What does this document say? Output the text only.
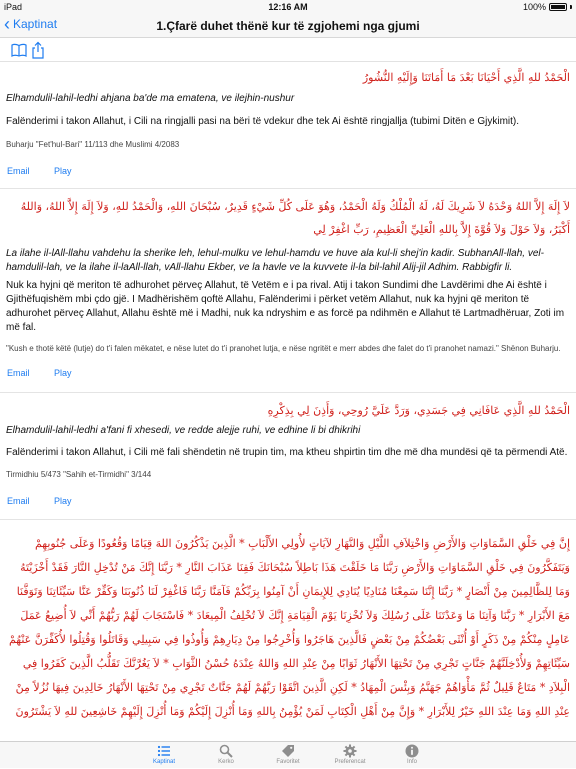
iPad	12:16 AM	100%
‹ Kaptinat	1.Çfarë duhet thënë kur të zgjohemi nga gjumi
الْحَمْدُ للهِ الَّذِي أَحْيَانَا بَعْدَ مَا أَمَاتَنَا وَإِلَيْهِ النُّشُورُ
Elhamdulil-lahil-ledhi ahjana ba'de ma ematena, ve ilejhin-nushur
Falënderimi i takon Allahut, i Cili na ringjalli pasi na bëri të vdekur dhe tek Ai është ringjallja (tubimi Ditën e Gjykimit).
Buharju "Fet'hul-Bari" 11/113 dhe Muslimi 4/2083
Email	Play
لاَ إِلَهَ إِلاَّ اللهُ وَحْدَهُ لاَ شَرِيكَ لَهُ، لَهُ الْمُلْكُ وَلَهُ الْحَمْدُ، وَهُوَ عَلَى كُلِّ شَيْءٍ قَدِيرٌ، سُبْحَانَ اللهِ، وَالْحَمْدُ للهِ، وَلاَ إِلَهَ إِلاَّ اللهُ، وَاللهُ أَكْبَرُ، وَلاَ حَوْلَ وَلاَ قُوَّةَ إِلاَّ بِاللهِ الْعَلِيِّ الْعَظِيمِ، رَبِّ اغْفِرْ لِي
La ilahe il-lAll-llahu vahdehu la sherike leh, lehul-mulku ve lehul-hamdu ve huve ala kul-li shej'in kadir. SubhanAll-llah, vel-hamdulil-lah, ve la ilahe il-laAll-llah, vAll-llahu Ekber, ve la havle ve la kuvvete il-la bil-lahil Alij-jil Adhim. Rabbigfir li.
Nuk ka hyjni që meriton të adhurohet përveç Allahut, të Vetëm e i pa rival. Atij i takon Sundimi dhe Lavdërimi dhe Ai është i Gjithëfuqishëm mbi çdo gjë. I Madhërishëm qoftë Allahu, Falënderimi i përket vetëm Allahut, nuk ka hyjni që meriton të adhurohet përveç Allahut, Allahu është më i Madhi, nuk ka ndryshim e as forcë pa ndihmën e Allahut të Lartmadhëruar, Zoti im më fal.
"Kush e thotë këtë (lutje) do t'i falen mëkatet, e nëse lutet do t'i pranohet lutja, e nëse ngritët e merr abdes dhe falet do t'i pranohet namazi." Shënon Buharju.
Email	Play
الْحَمْدُ للهِ الَّذِي عَافَانِي فِي جَسَدِي، وَرَدَّ عَلَيَّ رُوحِي، وَأَذِنَ لِي بِذِكْرِهِ
Elhamdulil-lahil-ledhi a'fani fi xhesedi, ve redde alejje ruhi, ve edhine li bi dhikrihi
Falënderimi i takon Allahut, i Cili më fali shëndetin në trupin tim, ma ktheu shpirtin tim dhe më dha mundësi që ta përmendi Atë.
Tirmidhiu 5/473 "Sahih et-Tirmidhi" 3/144
Email	Play
إِنَّ فِي خَلْقِ السَّمَاوَاتِ وَالأَرْضِ وَاخْتِلاَفِ اللَّيْلِ وَالنَّهَارِ لآيَاتٍ لأُولِي الأَلْبَابِ * الَّذِينَ يَذْكُرُونَ اللهَ قِيَامًا وَقُعُودًا وَعَلَى جُنُوبِهِمْ وَيَتَفَكَّرُونَ فِي خَلْقِ السَّمَاوَاتِ وَالأَرْضِ رَبَّنَا مَا خَلَقْتَ هَذَا بَاطِلاً سُبْحَانَكَ فَقِنَا عَذَابَ النَّارِ * رَبَّنَا إِنَّكَ مَنْ تُدْخِلِ النَّارَ فَقَدْ أَخْزَيْتَهُ وَمَا لِلظَّالِمِينَ مِنْ أَنْصَارٍ * رَبَّنَا إِنَّنَا سَمِعْنَا مُنَادِيًا يُنَادِي لِلإِيمَانِ أَنْ آمِنُوا بِرَبِّكُمْ فَآمَنَّا رَبَّنَا فَاغْفِرْ لَنَا ذُنُوبَنَا وَكَفِّرْ عَنَّا سَيِّئَاتِنَا وَتَوَفَّنَا مَعَ الأَبْرَارِ * رَبَّنَا وَآتِنَا مَا وَعَدْتَنَا عَلَى رُسُلِكَ وَلاَ تُخْزِنَا يَوْمَ الْقِيَامَةِ إِنَّكَ لاَ تُخْلِفُ الْمِيعَادَ * فَاسْتَجَابَ لَهُمْ رَبُّهُمْ أَنِّي لاَ أُضِيعُ عَمَلَ عَامِلٍ مِنْكُمْ مِنْ ذَكَرٍ أَوْ أُنْثَى بَعْضُكُمْ مِنْ بَعْضٍ فَالَّذِينَ هَاجَرُوا وَأُخْرِجُوا مِنْ دِيَارِهِمْ وَأُوذُوا فِي سَبِيلِي وَقَاتَلُوا وَقُتِلُوا لأُكَفِّرَنَّ عَنْهُمْ سَيِّئَاتِهِمْ وَلأُدْخِلَنَّهُمْ جَنَّاتٍ تَجْرِي مِنْ تَحْتِهَا الأَنْهَارُ ثَوَابًا مِنْ عِنْدِ اللهِ وَاللهُ عِنْدَهُ حُسْنُ الثَّوَابِ * لاَ يَغُرَّنَّكَ تَقَلُّبُ الَّذِينَ كَفَرُوا فِي الْبِلاَدِ * مَتَاعٌ قَلِيلٌ ثُمَّ مَأْوَاهُمْ جَهَنَّمُ وَبِئْسَ الْمِهَادُ * لَكِنِ الَّذِينَ اتَّقَوْا رَبَّهُمْ لَهُمْ جَنَّاتٌ تَجْرِي مِنْ تَحْتِهَا الأَنْهَارُ خَالِدِينَ فِيهَا نُزُلاً مِنْ عِنْدِ اللهِ وَمَا عِنْدَ اللهِ خَيْرٌ لِلأَبْرَارِ * وَإِنَّ مِنْ أَهْلِ الْكِتَابِ لَمَنْ يُؤْمِنُ بِاللهِ وَمَا أُنْزِلَ إِلَيْكُمْ وَمَا أُنْزِلَ إِلَيْهِمْ خَاشِعِينَ للهِ لاَ يَشْتَرُونَ
Kaptinat	Kerko	Favoritet	Preferencat	Info
